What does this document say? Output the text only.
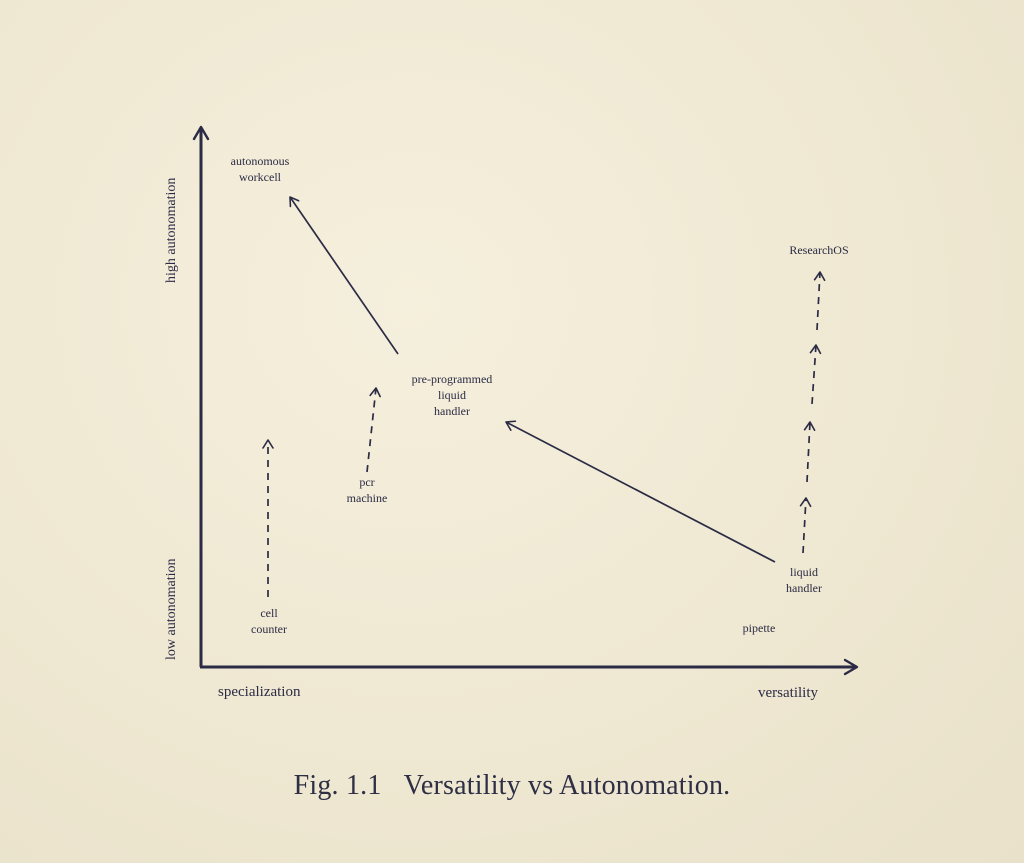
high autonomation
low autonomation
specialization	versatility
autonomous
workcell
ResearchOS
pre-programmed
liquid
handler
pcr
machine
cell
counter
liquid
handler
pipette
Fig. 1.1 Versatility vs Autonomation.
